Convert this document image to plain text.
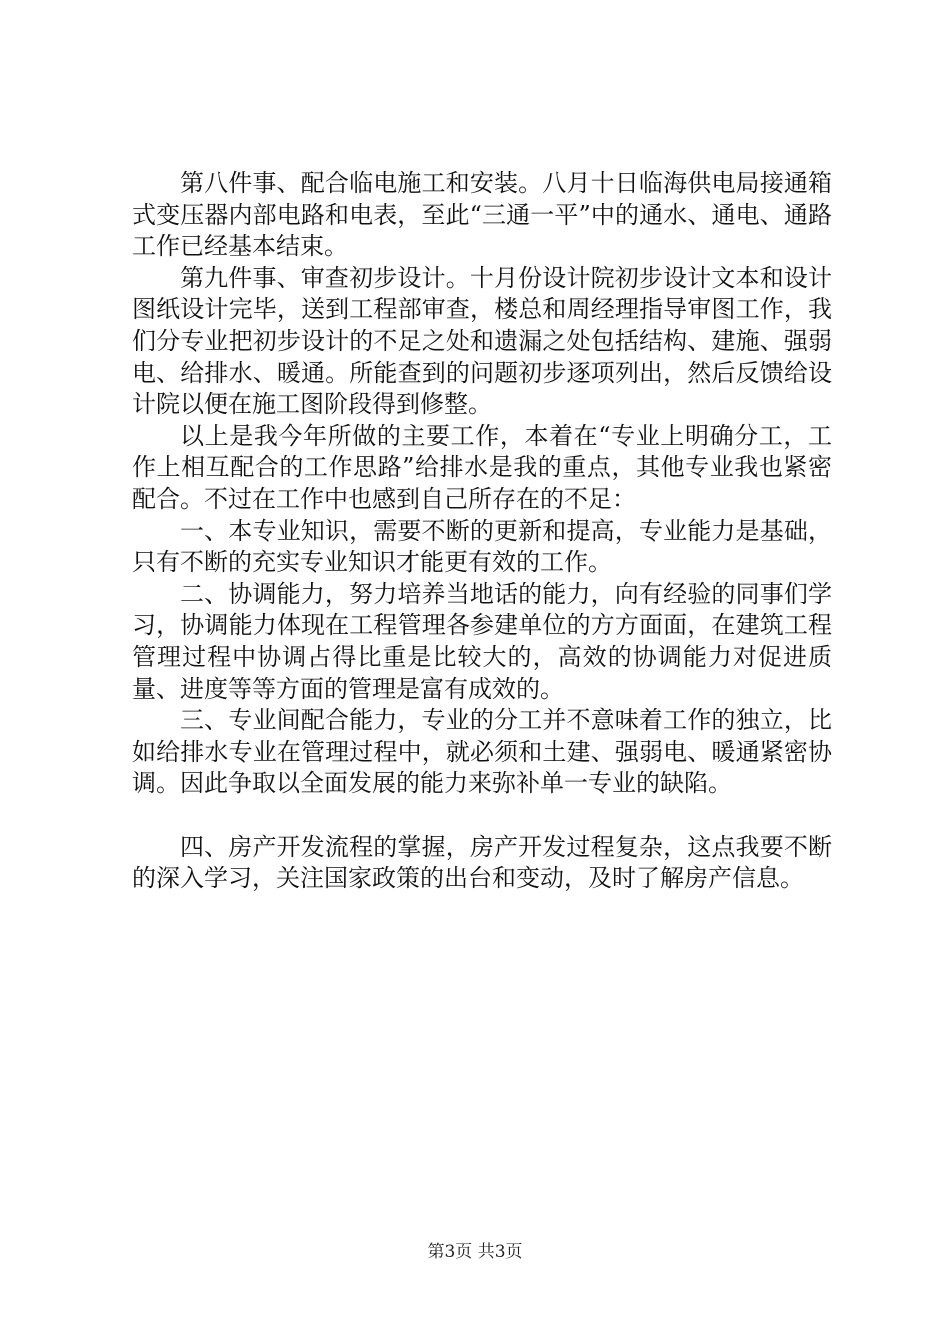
第八件事、配合临电施工和安装。八月十日临海供电局接通箱式变压器内部电路和电表，至此“三通一平”中的通水、通电、通路工作已经基本结束。

第九件事、审查初步设计。十月份设计院初步设计文本和设计图纸设计完毕，送到工程部审查，楼总和周经理指导审图工作，我们分专业把初步设计的不足之处和遗漏之处包括结构、建施、强弱电、给排水、暖通。所能查到的问题初步逐项列出，然后反馈给设计院以便在施工图阶段得到修整。

以上是我今年所做的主要工作，本着在“专业上明确分工，工作上相互配合的工作思路”给排水是我的重点，其他专业我也紧密配合。不过在工作中也感到自己所存在的不足：

一、本专业知识，需要不断的更新和提高，专业能力是基础，只有不断的充实专业知识才能更有效的工作。

二、协调能力，努力培养当地话的能力，向有经验的同事们学习，协调能力体现在工程管理各参建单位的方方面面，在建筑工程管理过程中协调占得比重是比较大的，高效的协调能力对促进质量、进度等等方面的管理是富有成效的。

三、专业间配合能力，专业的分工并不意味着工作的独立，比如给排水专业在管理过程中，就必须和土建、强弱电、暖通紧密协调。因此争取以全面发展的能力来弥补单一专业的缺陷。

四、房产开发流程的掌握，房产开发过程复杂，这点我要不断的深入学习，关注国家政策的出台和变动，及时了解房产信息。

第3页 共3页
